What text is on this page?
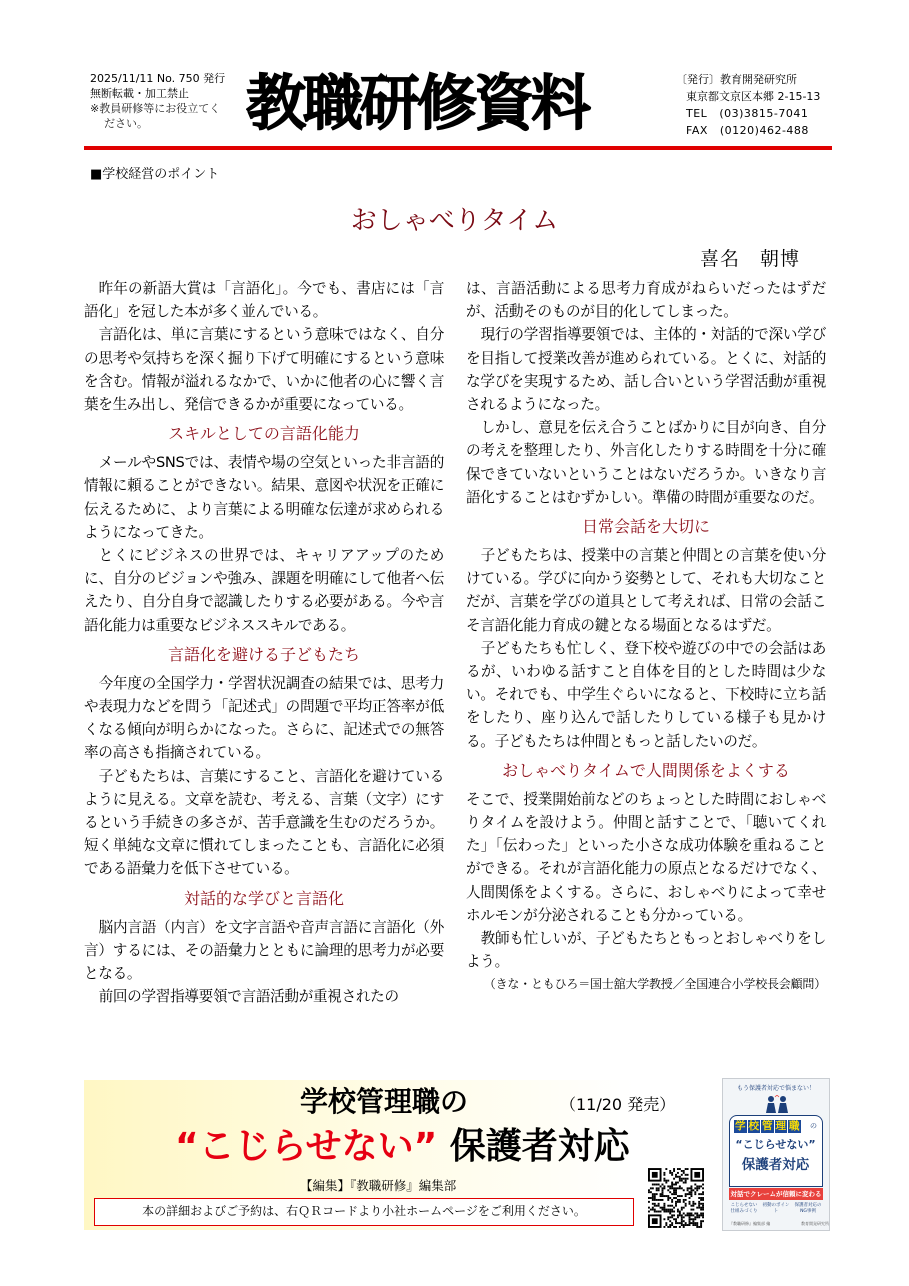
2025/11/11 No. 750 発行
無断転載・加工禁止
※教員研修等にお役立てく
ださい。	教職研修資料	〔発行〕教育開発研究所
東京都文京区本郷 2-15-13
TEL (03)3815-7041
FAX (0120)462-488
■学校経営のポイント
おしゃべりタイム
喜名　朝博

昨年の新語大賞は「言語化」。今でも、書店には「言語化」を冠した本が多く並んでいる。

言語化は、単に言葉にするという意味ではなく、自分の思考や気持ちを深く掘り下げて明確にするという意味を含む。情報が溢れるなかで、いかに他者の心に響く言葉を生み出し、発信できるかが重要になっている。

スキルとしての言語化能力

メールやSNSでは、表情や場の空気といった非言語的情報に頼ることができない。結果、意図や状況を正確に伝えるために、より言葉による明確な伝達が求められるようになってきた。

とくにビジネスの世界では、キャリアアップのために、自分のビジョンや強み、課題を明確にして他者へ伝えたり、自分自身で認識したりする必要がある。今や言語化能力は重要なビジネススキルである。

言語化を避ける子どもたち

今年度の全国学力・学習状況調査の結果では、思考力や表現力などを問う「記述式」の問題で平均正答率が低くなる傾向が明らかになった。さらに、記述式での無答率の高さも指摘されている。

子どもたちは、言葉にすること、言語化を避けているように見える。文章を読む、考える、言葉（文字）にするという手続きの多さが、苦手意識を生むのだろうか。短く単純な文章に慣れてしまったことも、言語化に必須である語彙力を低下させている。

対話的な学びと言語化

脳内言語（内言）を文字言語や音声言語に言語化（外言）するには、その語彙力とともに論理的思考力が必要となる。

前回の学習指導要領で言語活動が重視されたの

は、言語活動による思考力育成がねらいだったはずだが、活動そのものが目的化してしまった。

現行の学習指導要領では、主体的・対話的で深い学びを目指して授業改善が進められている。とくに、対話的な学びを実現するため、話し合いという学習活動が重視されるようになった。

しかし、意見を伝え合うことばかりに目が向き、自分の考えを整理したり、外言化したりする時間を十分に確保できていないということはないだろうか。いきなり言語化することはむずかしい。準備の時間が重要なのだ。

日常会話を大切に

子どもたちは、授業中の言葉と仲間との言葉を使い分けている。学びに向かう姿勢として、それも大切なことだが、言葉を学びの道具として考えれば、日常の会話こそ言語化能力育成の鍵となる場面となるはずだ。

子どもたちも忙しく、登下校や遊びの中での会話はあるが、いわゆる話すこと自体を目的とした時間は少ない。それでも、中学生ぐらいになると、下校時に立ち話をしたり、座り込んで話したりしている様子も見かける。子どもたちは仲間ともっと話したいのだ。

おしゃべりタイムで人間関係をよくする

そこで、授業開始前などのちょっとした時間におしゃべりタイムを設けよう。仲間と話すことで、「聴いてくれた」「伝わった」といった小さな成功体験を重ねることができる。それが言語化能力の原点となるだけでなく、人間関係をよくする。さらに、おしゃべりによって幸せホルモンが分泌されることも分かっている。

教師も忙しいが、子どもたちともっとおしゃべりをしよう。

（きな・ともひろ＝国士舘大学教授／全国連合小学校長会顧問）

学校管理職の	（11/20 発売）
“こじらせない” 保護者対応
【編集】『教職研修』編集部
本の詳細およびご予約は、右ＱＲコードより小社ホームページをご利用ください。
もう保護者対応で悩まない！
学 校 管 理 職 の
“こじらせない”
保護者対応
対話でクレームが信頼に変わる
こじらせない仕組みづくり
初動のポイント
保護者対応のNG事例
『教職研修』編集部 編	教育開発研究所
